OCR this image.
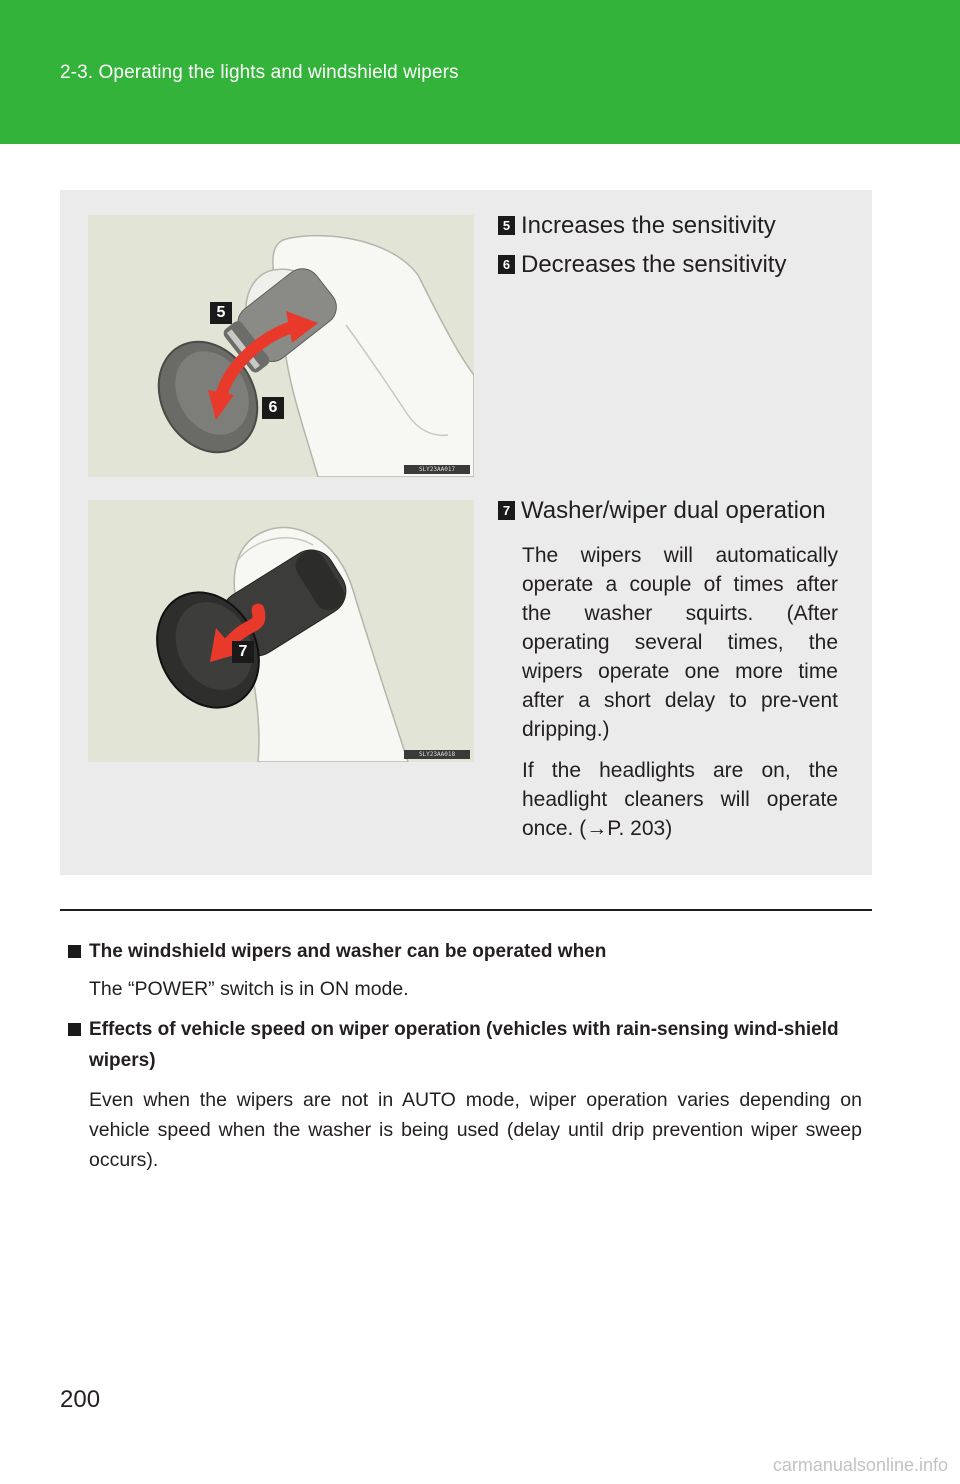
2-3. Operating the lights and windshield wipers
5
6
SLY23AA017
7
SLY23AA018
5 Increases the sensitivity
6 Decreases the sensitivity
7 Washer/wiper dual operation

The wipers will automatically operate a couple of times after the washer squirts. (After operating several times, the wipers operate one more time after a short delay to pre-vent dripping.)

If the headlights are on, the headlight cleaners will operate once. (→P. 203)

The windshield wipers and washer can be operated when
The “POWER” switch is in ON mode.
Effects of vehicle speed on wiper operation (vehicles with rain-sensing wind-shield wipers)
Even when the wipers are not in AUTO mode, wiper operation varies depending on vehicle speed when the washer is being used (delay until drip prevention wiper sweep occurs).
200
carmanualsonline.info
